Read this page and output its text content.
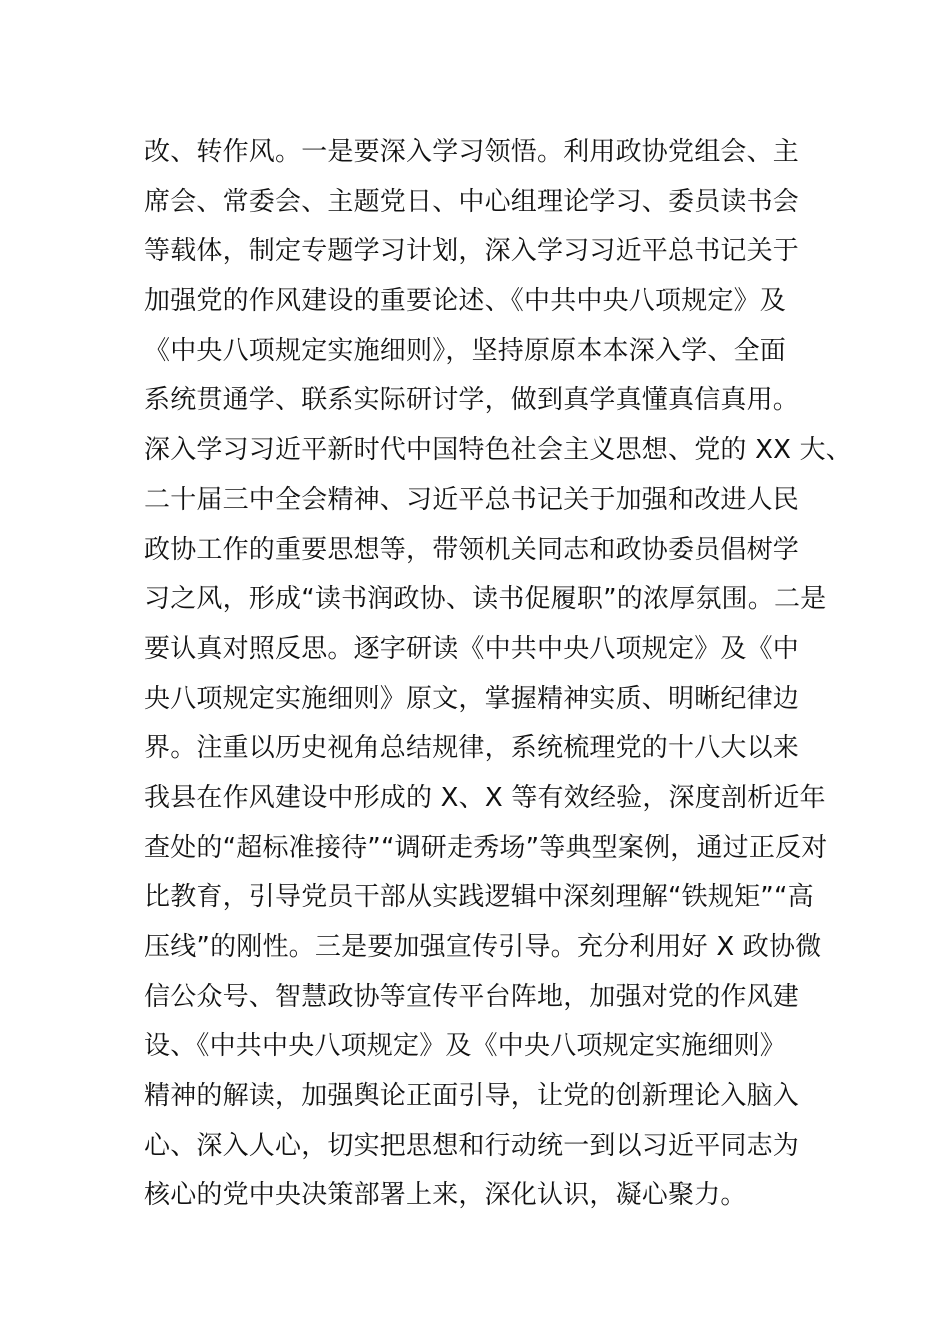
改、转作风。一是要深入学习领悟。利用政协党组会、主
席会、常委会、主题党日、中心组理论学习、委员读书会
等载体，制定专题学习计划，深入学习习近平总书记关于
加强党的作风建设的重要论述、《中共中央八项规定》及
《中央八项规定实施细则》，坚持原原本本深入学、全面
系统贯通学、联系实际研讨学，做到真学真懂真信真用。
深入学习习近平新时代中国特色社会主义思想、党的 XX 大、
二十届三中全会精神、习近平总书记关于加强和改进人民
政协工作的重要思想等，带领机关同志和政协委员倡树学
习之风，形成“读书润政协、读书促履职”的浓厚氛围。二是
要认真对照反思。逐字研读《中共中央八项规定》及《中
央八项规定实施细则》原文，掌握精神实质、明晰纪律边
界。注重以历史视角总结规律，系统梳理党的十八大以来
我县在作风建设中形成的 X、X 等有效经验，深度剖析近年
查处的“超标准接待”“调研走秀场”等典型案例，通过正反对
比教育，引导党员干部从实践逻辑中深刻理解“铁规矩”“高
压线”的刚性。三是要加强宣传引导。充分利用好 X 政协微
信公众号、智慧政协等宣传平台阵地，加强对党的作风建
设、《中共中央八项规定》及《中央八项规定实施细则》
精神的解读，加强舆论正面引导，让党的创新理论入脑入
心、深入人心，切实把思想和行动统一到以习近平同志为
核心的党中央决策部署上来，深化认识，凝心聚力。
